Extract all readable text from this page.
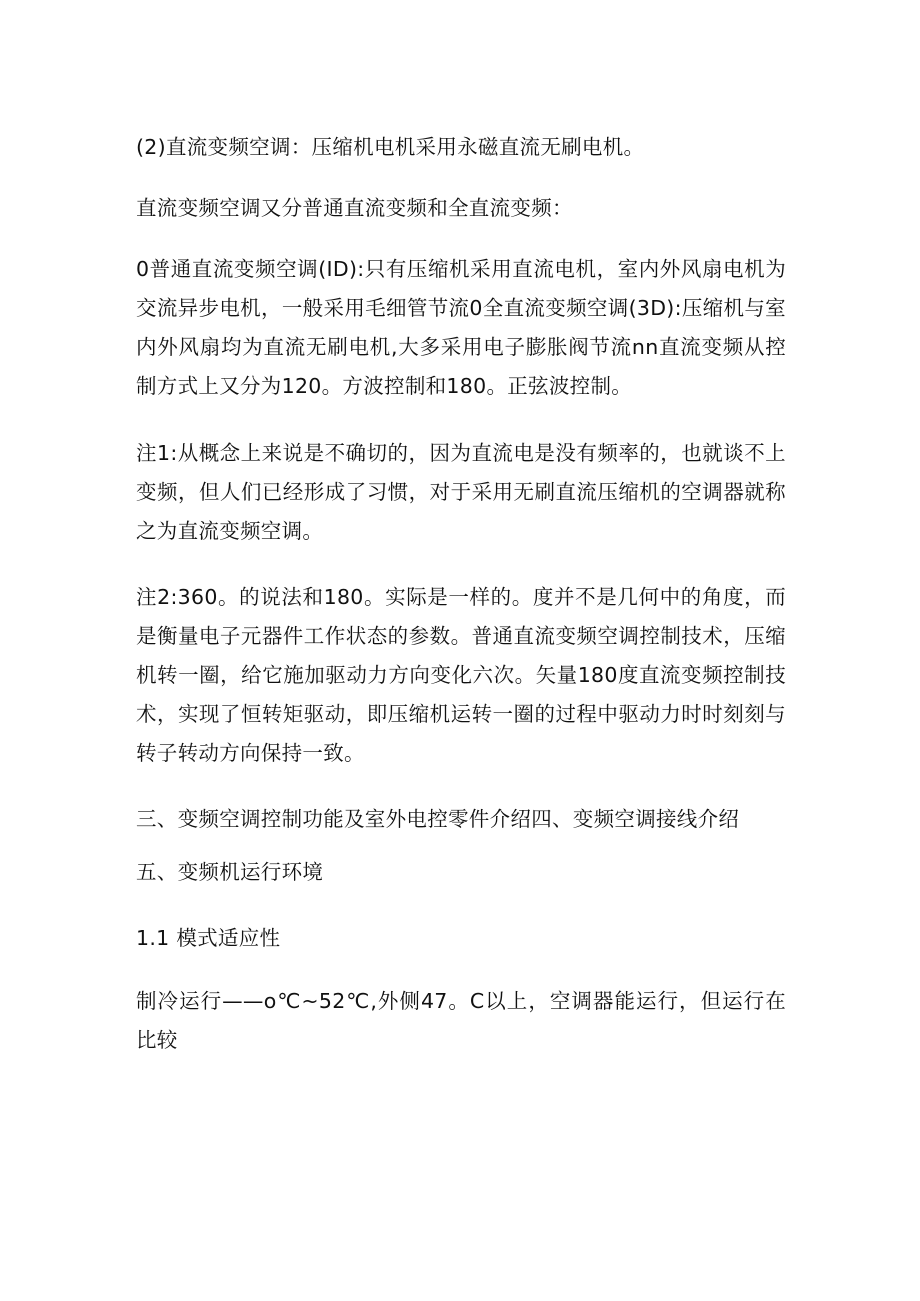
(2)直流变频空调：压缩机电机采用永磁直流无刷电机。

直流变频空调又分普通直流变频和全直流变频：

0普通直流变频空调(ID):只有压缩机采用直流电机，室内外风扇电机为交流异步电机，一般采用毛细管节流0全直流变频空调(3D):压缩机与室内外风扇均为直流无刷电机,大多采用电子膨胀阀节流nn直流变频从控制方式上又分为120。方波控制和180。正弦波控制。

注1:从概念上来说是不确切的，因为直流电是没有频率的，也就谈不上变频，但人们已经形成了习惯，对于采用无刷直流压缩机的空调器就称之为直流变频空调。

注2:360。的说法和180。实际是一样的。度并不是几何中的角度，而是衡量电子元器件工作状态的参数。普通直流变频空调控制技术，压缩机转一圈，给它施加驱动力方向变化六次。矢量180度直流变频控制技术，实现了恒转矩驱动，即压缩机运转一圈的过程中驱动力时时刻刻与转子转动方向保持一致。

三、变频空调控制功能及室外电控零件介绍四、变频空调接线介绍

五、变频机运行环境

1.1 模式适应性

制冷运行——o℃~52℃,外侧47。C以上，空调器能运行，但运行在比较
